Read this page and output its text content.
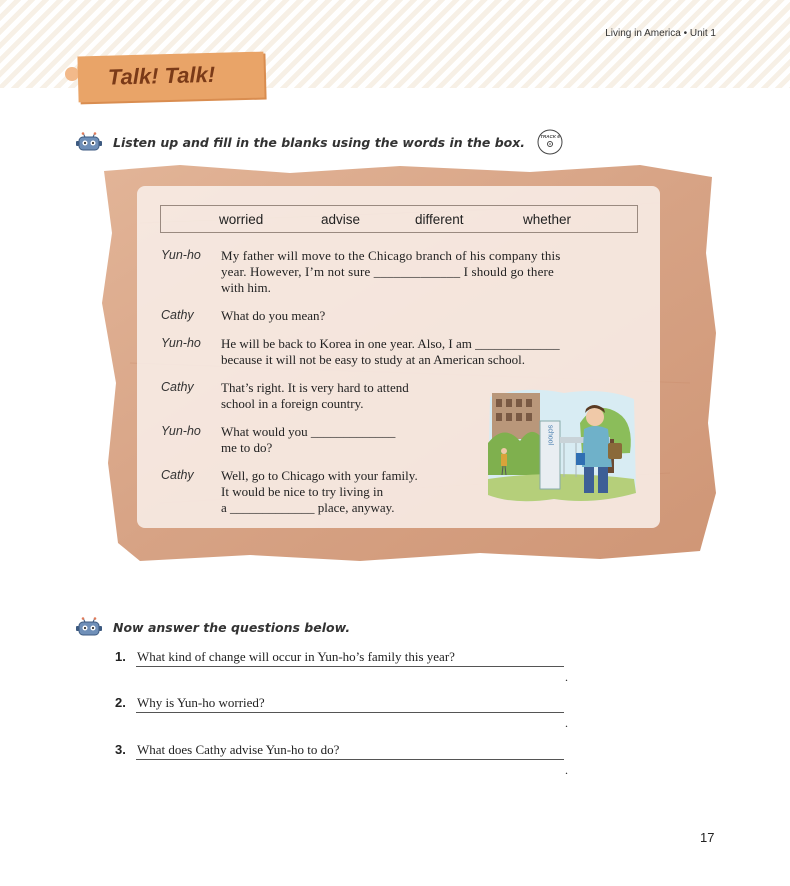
Living in America • Unit 1
Talk! Talk!
Listen up and fill in the blanks using the words in the box.	TRACK 6
worried	advise	different	whether
Yun-ho My father will move to the Chicago branch of his company this
year. However, I’m not sure _____________ I should go there
with him.
Cathy What do you mean?
Yun-ho He will be back to Korea in one year. Also, I am _____________
because it will not be easy to study at an American school.
Cathy That’s right. It is very hard to attend
school in a foreign country.
Yun-ho What would you _____________
me to do?
Cathy Well, go to Chicago with your family.
It would be nice to try living in
a _____________ place, anyway.
school
Now answer the questions below.
1. What kind of change will occur in Yun-ho’s family this year?
.
2. Why is Yun-ho worried?
.
3. What does Cathy advise Yun-ho to do?
.
17
